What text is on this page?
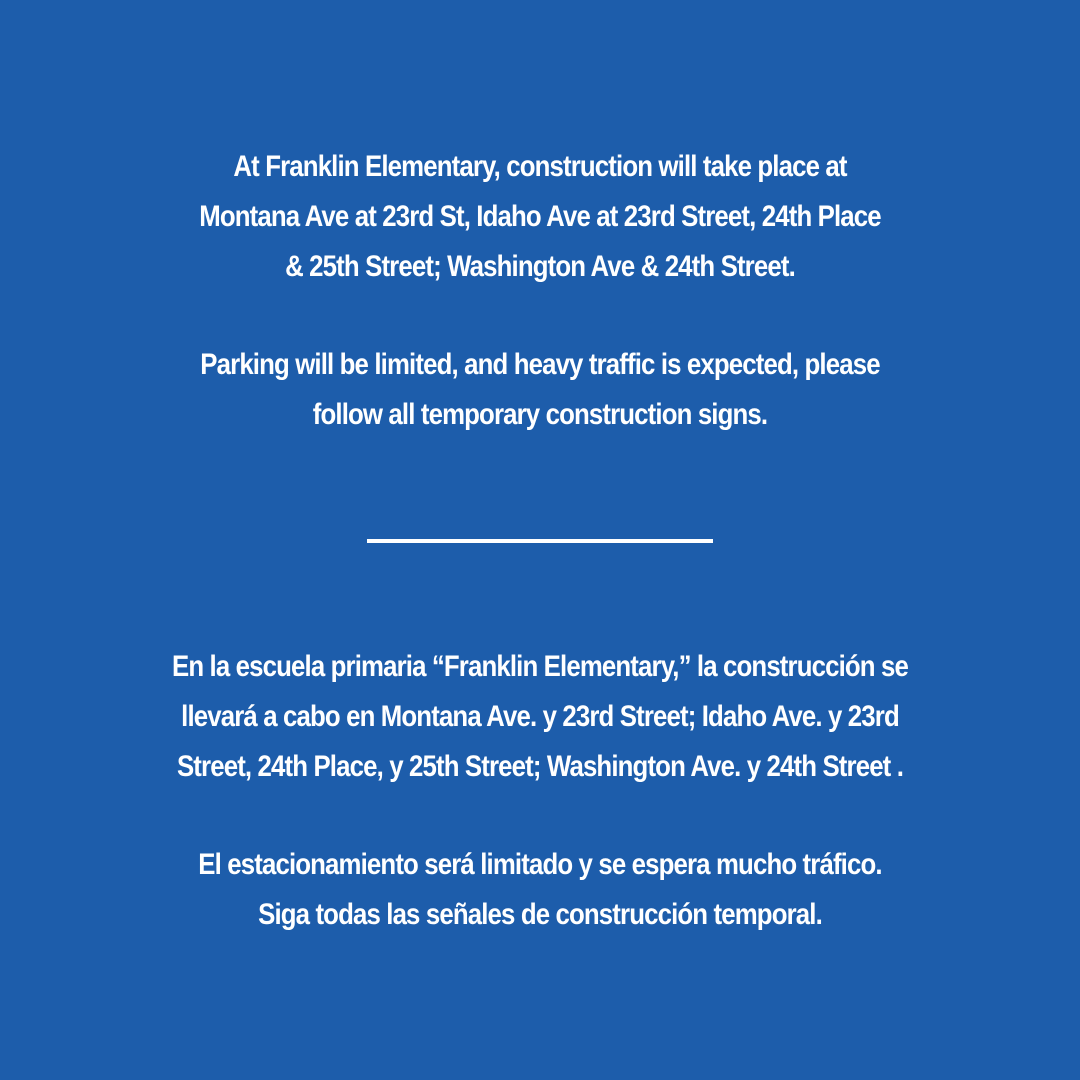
At Franklin Elementary, construction will take place at
Montana Ave at 23rd St, Idaho Ave at 23rd Street, 24th Place
& 25th Street; Washington Ave & 24th Street.
Parking will be limited, and heavy traffic is expected, please
follow all temporary construction signs.
En la escuela primaria “Franklin Elementary,” la construcción se
llevará a cabo en Montana Ave. y 23rd Street; Idaho Ave. y 23rd
Street, 24th Place, y 25th Street; Washington Ave. y 24th Street .
El estacionamiento será limitado y se espera mucho tráfico.
Siga todas las señales de construcción temporal.
